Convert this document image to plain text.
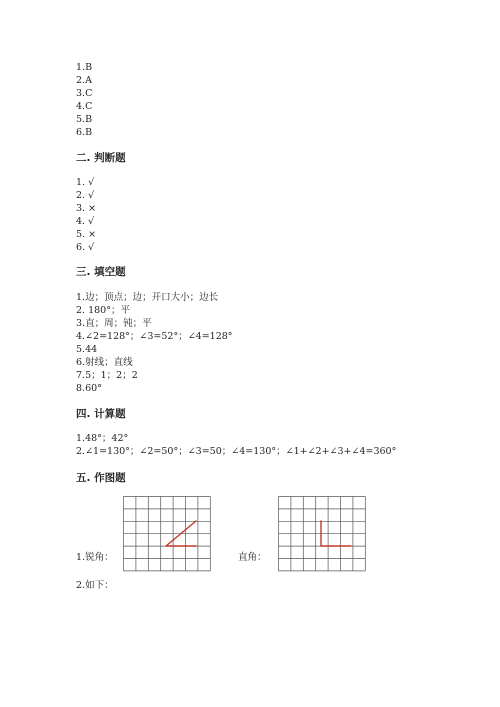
1.B
2.A
3.C
4.C
5.B
6.B
二. 判断题
1. √
2. √
3. ×
4. √
5. ×
6. √
三. 填空题
1.边；顶点；边；开口大小；边长
2. 180°；平
3.直；周；钝；平
4.∠2=128°；∠3=52°；∠4=128°
5.44
6.射线；直线
7.5；1；2；2
8.60°
四. 计算题
1.48°；42°
2.∠1=130°；∠2=50°；∠3=50；∠4=130°；∠1+∠2+∠3+∠4=360°
五. 作图题
1.锐角：	直角：
2.如下：
